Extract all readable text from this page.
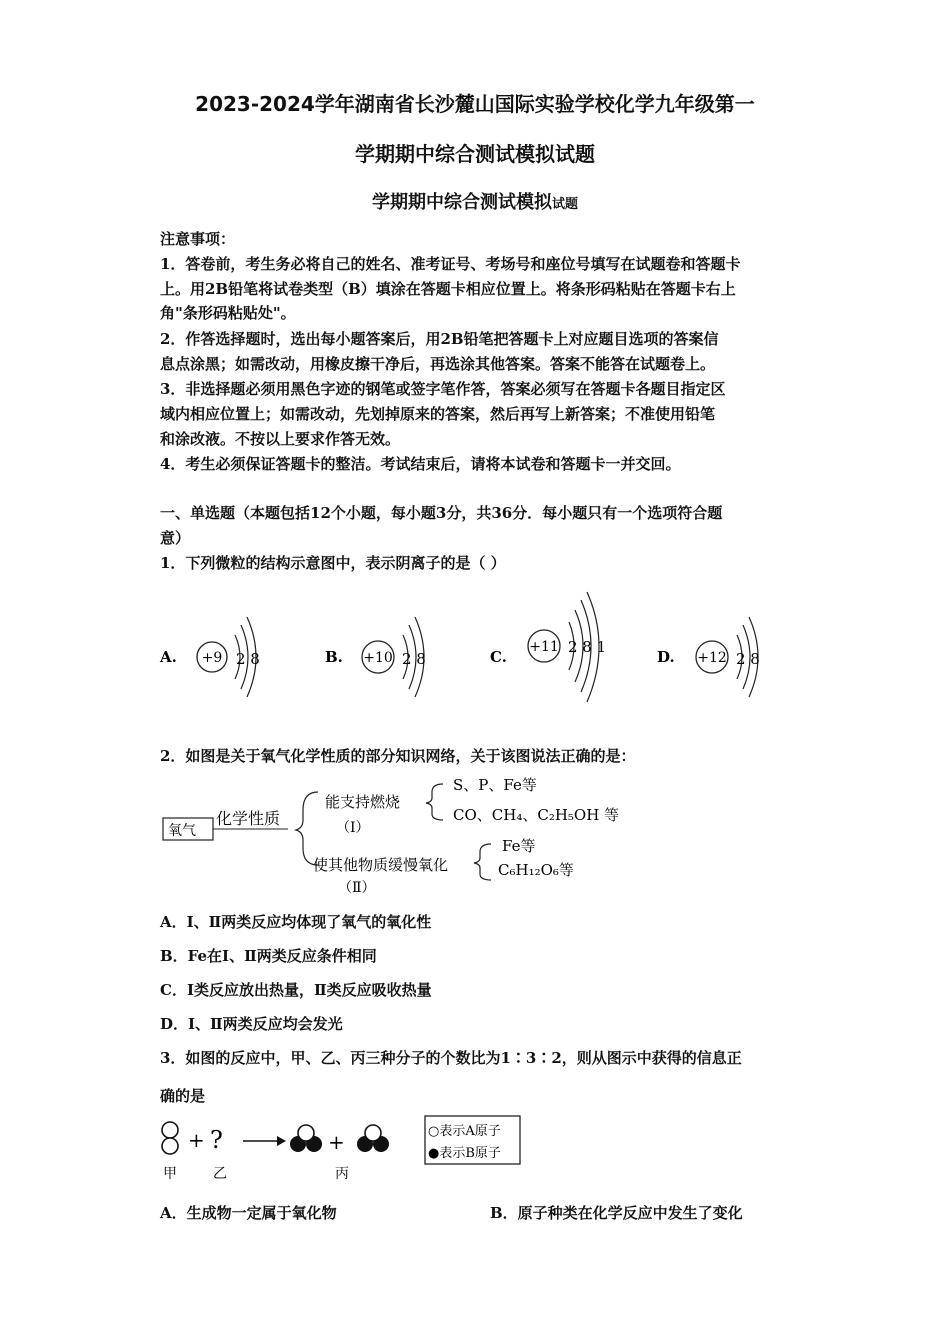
2023-2024学年湖南省长沙麓山国际实验学校化学九年级第一
学期期中综合测试模拟试题
学期期中综合测试模拟试题
注意事项：
1．答卷前，考生务必将自己的姓名、准考证号、考场号和座位号填写在试题卷和答题卡
上。用2B铅笔将试卷类型（B）填涂在答题卡相应位置上。将条形码粘贴在答题卡右上
角"条形码粘贴处"。
2．作答选择题时，选出每小题答案后，用2B铅笔把答题卡上对应题目选项的答案信
息点涂黑；如需改动，用橡皮擦干净后，再选涂其他答案。答案不能答在试题卷上。
3．非选择题必须用黑色字迹的钢笔或签字笔作答，答案必须写在答题卡各题目指定区
域内相应位置上；如需改动，先划掉原来的答案，然后再写上新答案；不准使用铅笔
和涂改液。不按以上要求作答无效。
4．考生必须保证答题卡的整洁。考试结束后，请将本试卷和答题卡一并交回。
一、单选题（本题包括12个小题，每小题3分，共36分．每小题只有一个选项符合题
意）
1．下列微粒的结构示意图中，表示阴离子的是（ ）
A. +9 2 8	B. +10 2 8	C.
+11 2 8 1
D. +12 2 8
2．如图是关于氧气化学性质的部分知识网络，关于该图说法正确的是：
氧气
化学性质
能支持燃烧
（Ⅰ）
S、P、Fe等
CO、CH₄、C₂H₅OH 等
使其他物质缓慢氧化
（Ⅱ）
Fe等
C₆H₁₂O₆等
A．Ⅰ、Ⅱ两类反应均体现了氧气的氧化性
B．Fe在Ⅰ、Ⅱ两类反应条件相同
C．Ⅰ类反应放出热量，Ⅱ类反应吸收热量
D．Ⅰ、Ⅱ两类反应均会发光
3．如图的反应中，甲、乙、丙三种分子的个数比为1∶3∶2，则从图示中获得的信息正
确的是
+ ?	+
甲	乙	丙
○表示A原子
●表示B原子
A．生成物一定属于氧化物	B．原子种类在化学反应中发生了变化
